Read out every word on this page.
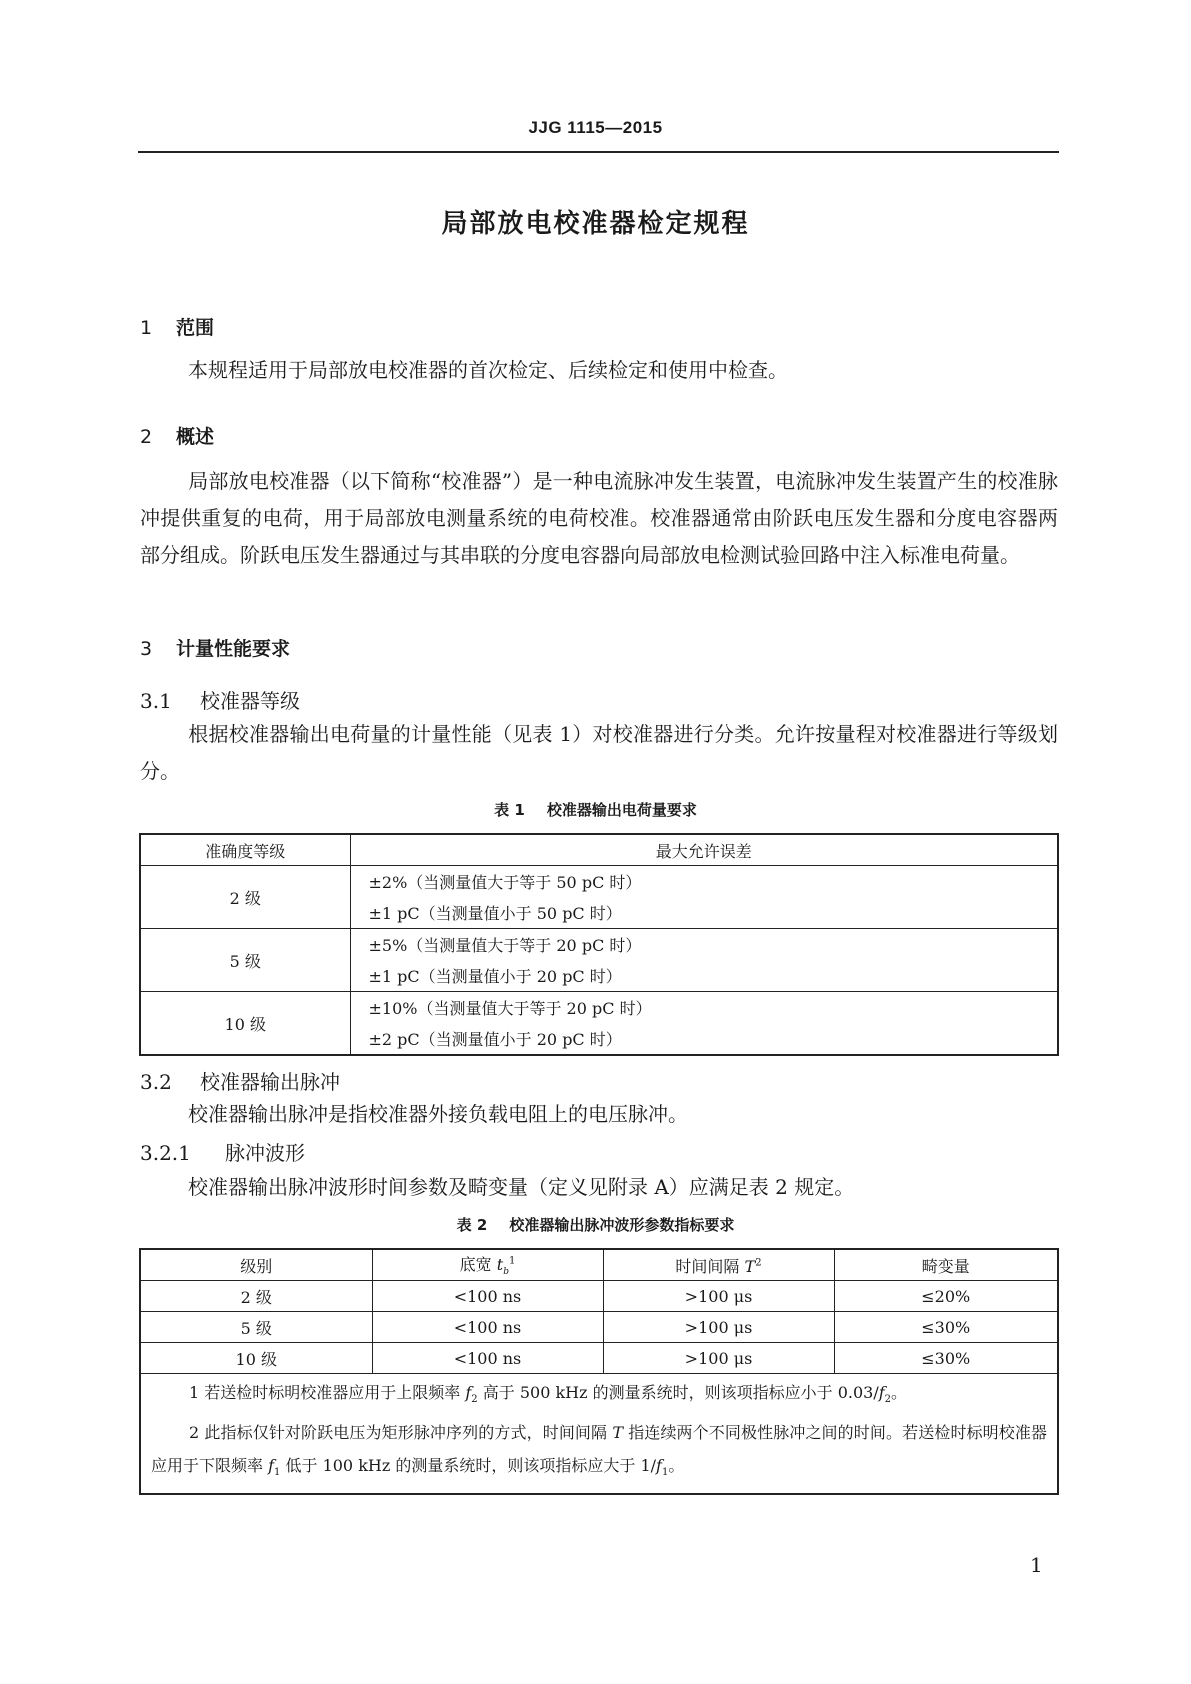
JJG 1115—2015
局部放电校准器检定规程
1 范围
本规程适用于局部放电校准器的首次检定、后续检定和使用中检查。
2 概述
局部放电校准器（以下简称“校准器”）是一种电流脉冲发生装置，电流脉冲发生装置产生的校准脉冲提供重复的电荷，用于局部放电测量系统的电荷校准。校准器通常由阶跃电压发生器和分度电容器两部分组成。阶跃电压发生器通过与其串联的分度电容器向局部放电检测试验回路中注入标准电荷量。
3 计量性能要求
3.1 校准器等级
根据校准器输出电荷量的计量性能（见表 1）对校准器进行分类。允许按量程对校准器进行等级划分。
表 1 校准器输出电荷量要求
准确度等级	最大允许误差
2 级	±2%（当测量值大于等于 50 pC 时）
	±1 pC（当测量值小于 50 pC 时）
5 级	±5%（当测量值大于等于 20 pC 时）
	±1 pC（当测量值小于 20 pC 时）
10 级	±10%（当测量值大于等于 20 pC 时）
	±2 pC（当测量值小于 20 pC 时）
3.2 校准器输出脉冲
校准器输出脉冲是指校准器外接负载电阻上的电压脉冲。
3.2.1 脉冲波形
校准器输出脉冲波形时间参数及畸变量（定义见附录 A）应满足表 2 规定。
表 2 校准器输出脉冲波形参数指标要求
级别	底宽 $t_b^1$	时间间隔 $T^2$	畸变量
2 级	<100 ns	>100 μs	≤20%
5 级	<100 ns	>100 μs	≤30%
10 级	<100 ns	>100 μs	≤30%

1 若送检时标明校准器应用于上限频率 $f_2$ 高于 500 kHz 的测量系统时，则该项指标应小于 $0.03/f_2$。
2 此指标仅针对阶跃电压为矩形脉冲序列的方式，时间间隔 T 指连续两个不同极性脉冲之间的时间。若送检时标明校准器应用于下限频率 $f_1$ 低于 100 kHz 的测量系统时，则该项指标应大于 $1/f_1$。			
1
